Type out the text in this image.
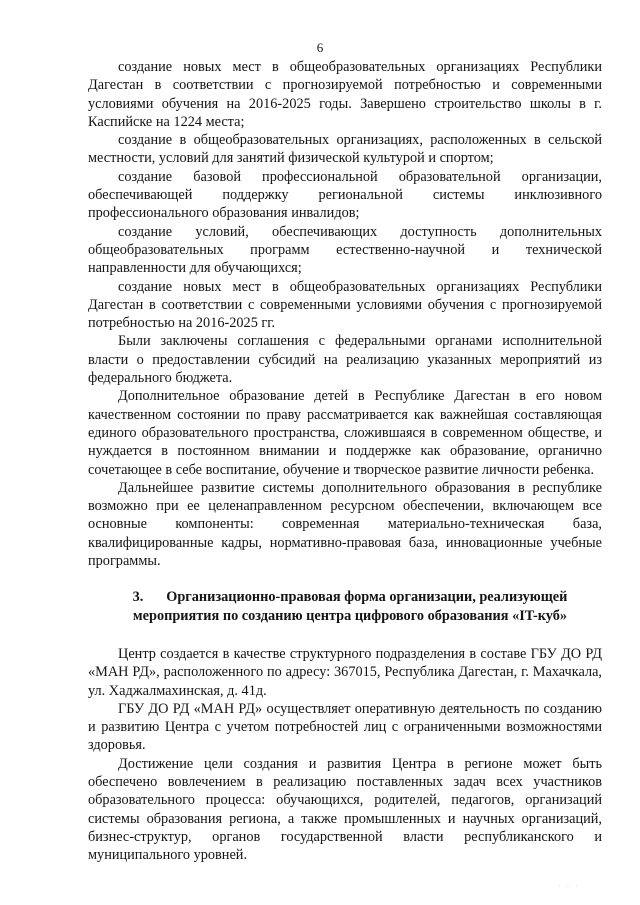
6

создание новых мест в общеобразовательных организациях Республики Дагестан в соответствии с прогнозируемой потребностью и современными условиями обучения на 2016-2025 годы. Завершено строительство школы в г. Каспийске на 1224 места;

создание в общеобразовательных организациях, расположенных в сельской местности, условий для занятий физической культурой и спортом;

создание базовой профессиональной образовательной организации, обеспечивающей поддержку региональной системы инклюзивного профессионального образования инвалидов;

создание условий, обеспечивающих доступность дополнительных общеобразовательных программ естественно-научной и технической направленности для обучающихся;

создание новых мест в общеобразовательных организациях Республики Дагестан в соответствии с современными условиями обучения с прогнозируемой потребностью на 2016-2025 гг.

Были заключены соглашения с федеральными органами исполнительной власти о предоставлении субсидий на реализацию указанных мероприятий из федерального бюджета.

Дополнительное образование детей в Республике Дагестан в его новом качественном состоянии по праву рассматривается как важнейшая составляющая единого образовательного пространства, сложившаяся в современном обществе, и нуждается в постоянном внимании и поддержке как образование, органично сочетающее в себе воспитание, обучение и творческое развитие личности ребенка.

Дальнейшее развитие системы дополнительного образования в республике возможно при ее целенаправленном ресурсном обеспечении, включающем все основные компоненты: современная материально-техническая база, квалифицированные кадры, нормативно-правовая база, инновационные учебные программы.

3. Организационно-правовая форма организации, реализующей мероприятия по созданию центра цифрового образования «IT-куб»

Центр создается в качестве структурного подразделения в составе ГБУ ДО РД «МАН РД», расположенного по адресу: 367015, Республика Дагестан, г. Махачкала, ул. Хаджалмахинская, д. 41д.

ГБУ ДО РД «МАН РД» осуществляет оперативную деятельность по созданию и развитию Центра с учетом потребностей лиц с ограниченными возможностями здоровья.

Достижение цели создания и развития Центра в регионе может быть обеспечено вовлечением в реализацию поставленных задач всех участников образовательного процесса: обучающихся, родителей, педагогов, организаций системы образования региона, а также промышленных и научных организаций, бизнес-структур, органов государственной власти республиканского и муниципального уровней.

· · ·
